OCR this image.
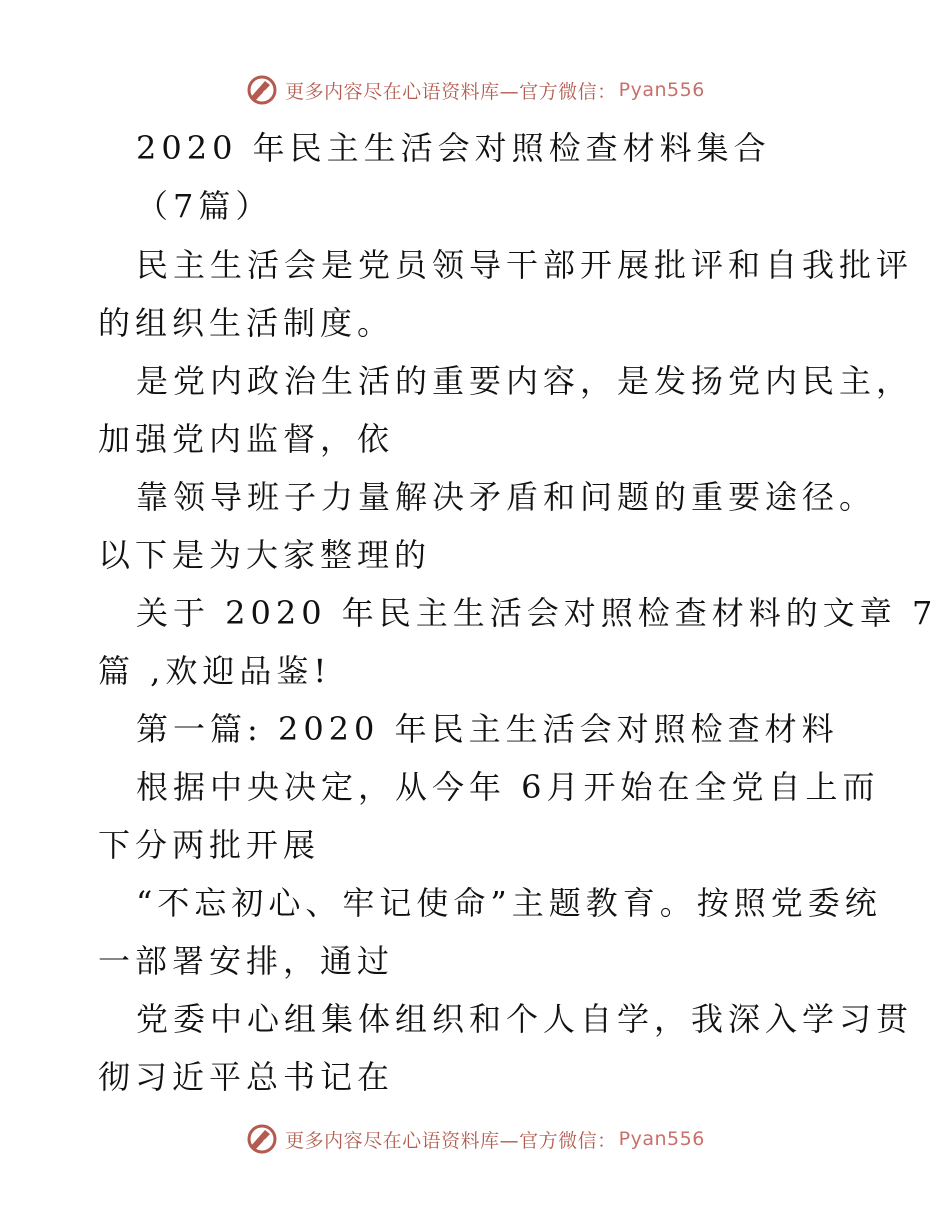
更多内容尽在心语资料库—官方微信： Pyan556
2020 年民主生活会对照检查材料集合
（7篇）
民主生活会是党员领导干部开展批评和自我批评
的组织生活制度。
是党内政治生活的重要内容，是发扬党内民主，
加强党内监督，依
靠领导班子力量解决矛盾和问题的重要途径。
以下是为大家整理的
关于 2020 年民主生活会对照检查材料的文章 7
篇 ,欢迎品鉴!
第一篇: 2020 年民主生活会对照检查材料
根据中央决定，从今年 6月开始在全党自上而
下分两批开展
“不忘初心、牢记使命”主题教育。按照党委统
一部署安排，通过
党委中心组集体组织和个人自学，我深入学习贯
彻习近平总书记在
更多内容尽在心语资料库—官方微信： Pyan556
